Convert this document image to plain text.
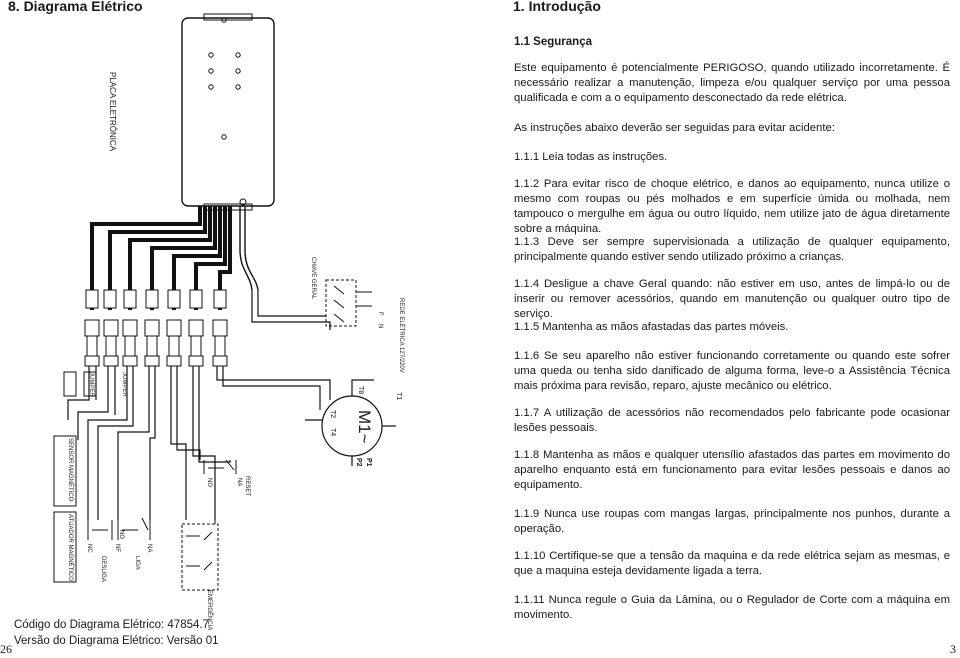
8. Diagrama Elétrico
PLACA ELETRÔNICA
CHAVE GERAL
REDE ELÉTRICA 127/220V
F
N
M1~
T1
T2
T4
T8
P1
P2
JUMPER	JUMPER
SENSOR MAGNÉTICO
ATUADOR MAGNÉTICO
RESET
NA
NO
DESLIGA	LIGA
NA
NF
NC
NO
EMERGÊNCIA
Código do Diagrama Elétrico: 47854.7
Versão do Diagrama Elétrico: Versão 01
26
1. Introdução
1.1 Segurança

Este equipamento é potencialmente PERIGOSO, quando utilizado incorretamente. É necessário realizar a manutenção, limpeza e/ou qualquer serviço por uma pessoa qualificada e com a o equipamento desconectado da rede elétrica.

As instruções abaixo deverão ser seguidas para evitar acidente:

1.1.1 Leia todas as instruções.

1.1.2 Para evitar risco de choque elétrico, e danos ao equipamento, nunca utilize o mesmo com roupas ou pés molhados e em superfície úmida ou molhada, nem tampouco o mergulhe em água ou outro líquido, nem utilize jato de água diretamente sobre a máquina.

1.1.3 Deve ser sempre supervisionada a utilização de qualquer equipamento, principalmente quando estiver sendo utilizado próximo a crianças.

1.1.4 Desligue a chave Geral quando: não estiver em uso, antes de limpá-lo ou de inserir ou remover acessórios, quando em manutenção ou qualquer outro tipo de serviço.

1.1.5 Mantenha as mãos afastadas das partes móveis.

1.1.6 Se seu aparelho não estiver funcionando corretamente ou quando este sofrer uma queda ou tenha sido danificado de alguma forma, leve-o a Assistência Técnica mais próxima para revisão, reparo, ajuste mecânico ou elétrico.

1.1.7 A utilização de acessórios não recomendados pelo fabricante pode ocasionar lesões pessoais.

1.1.8 Mantenha as mãos e qualquer utensílio afastados das partes em movimento do aparelho enquanto está em funcionamento para evitar lesões pessoais e danos ao equipamento.

1.1.9 Nunca use roupas com mangas largas, principalmente nos punhos, durante a operação.

1.1.10 Certifique-se que a tensão da maquina e da rede elétrica sejam as mesmas, e que a maquina esteja devidamente ligada a terra.

1.1.11 Nunca regule o Guia da Lâmina, ou o Regulador de Corte com a máquina em movimento.

3
